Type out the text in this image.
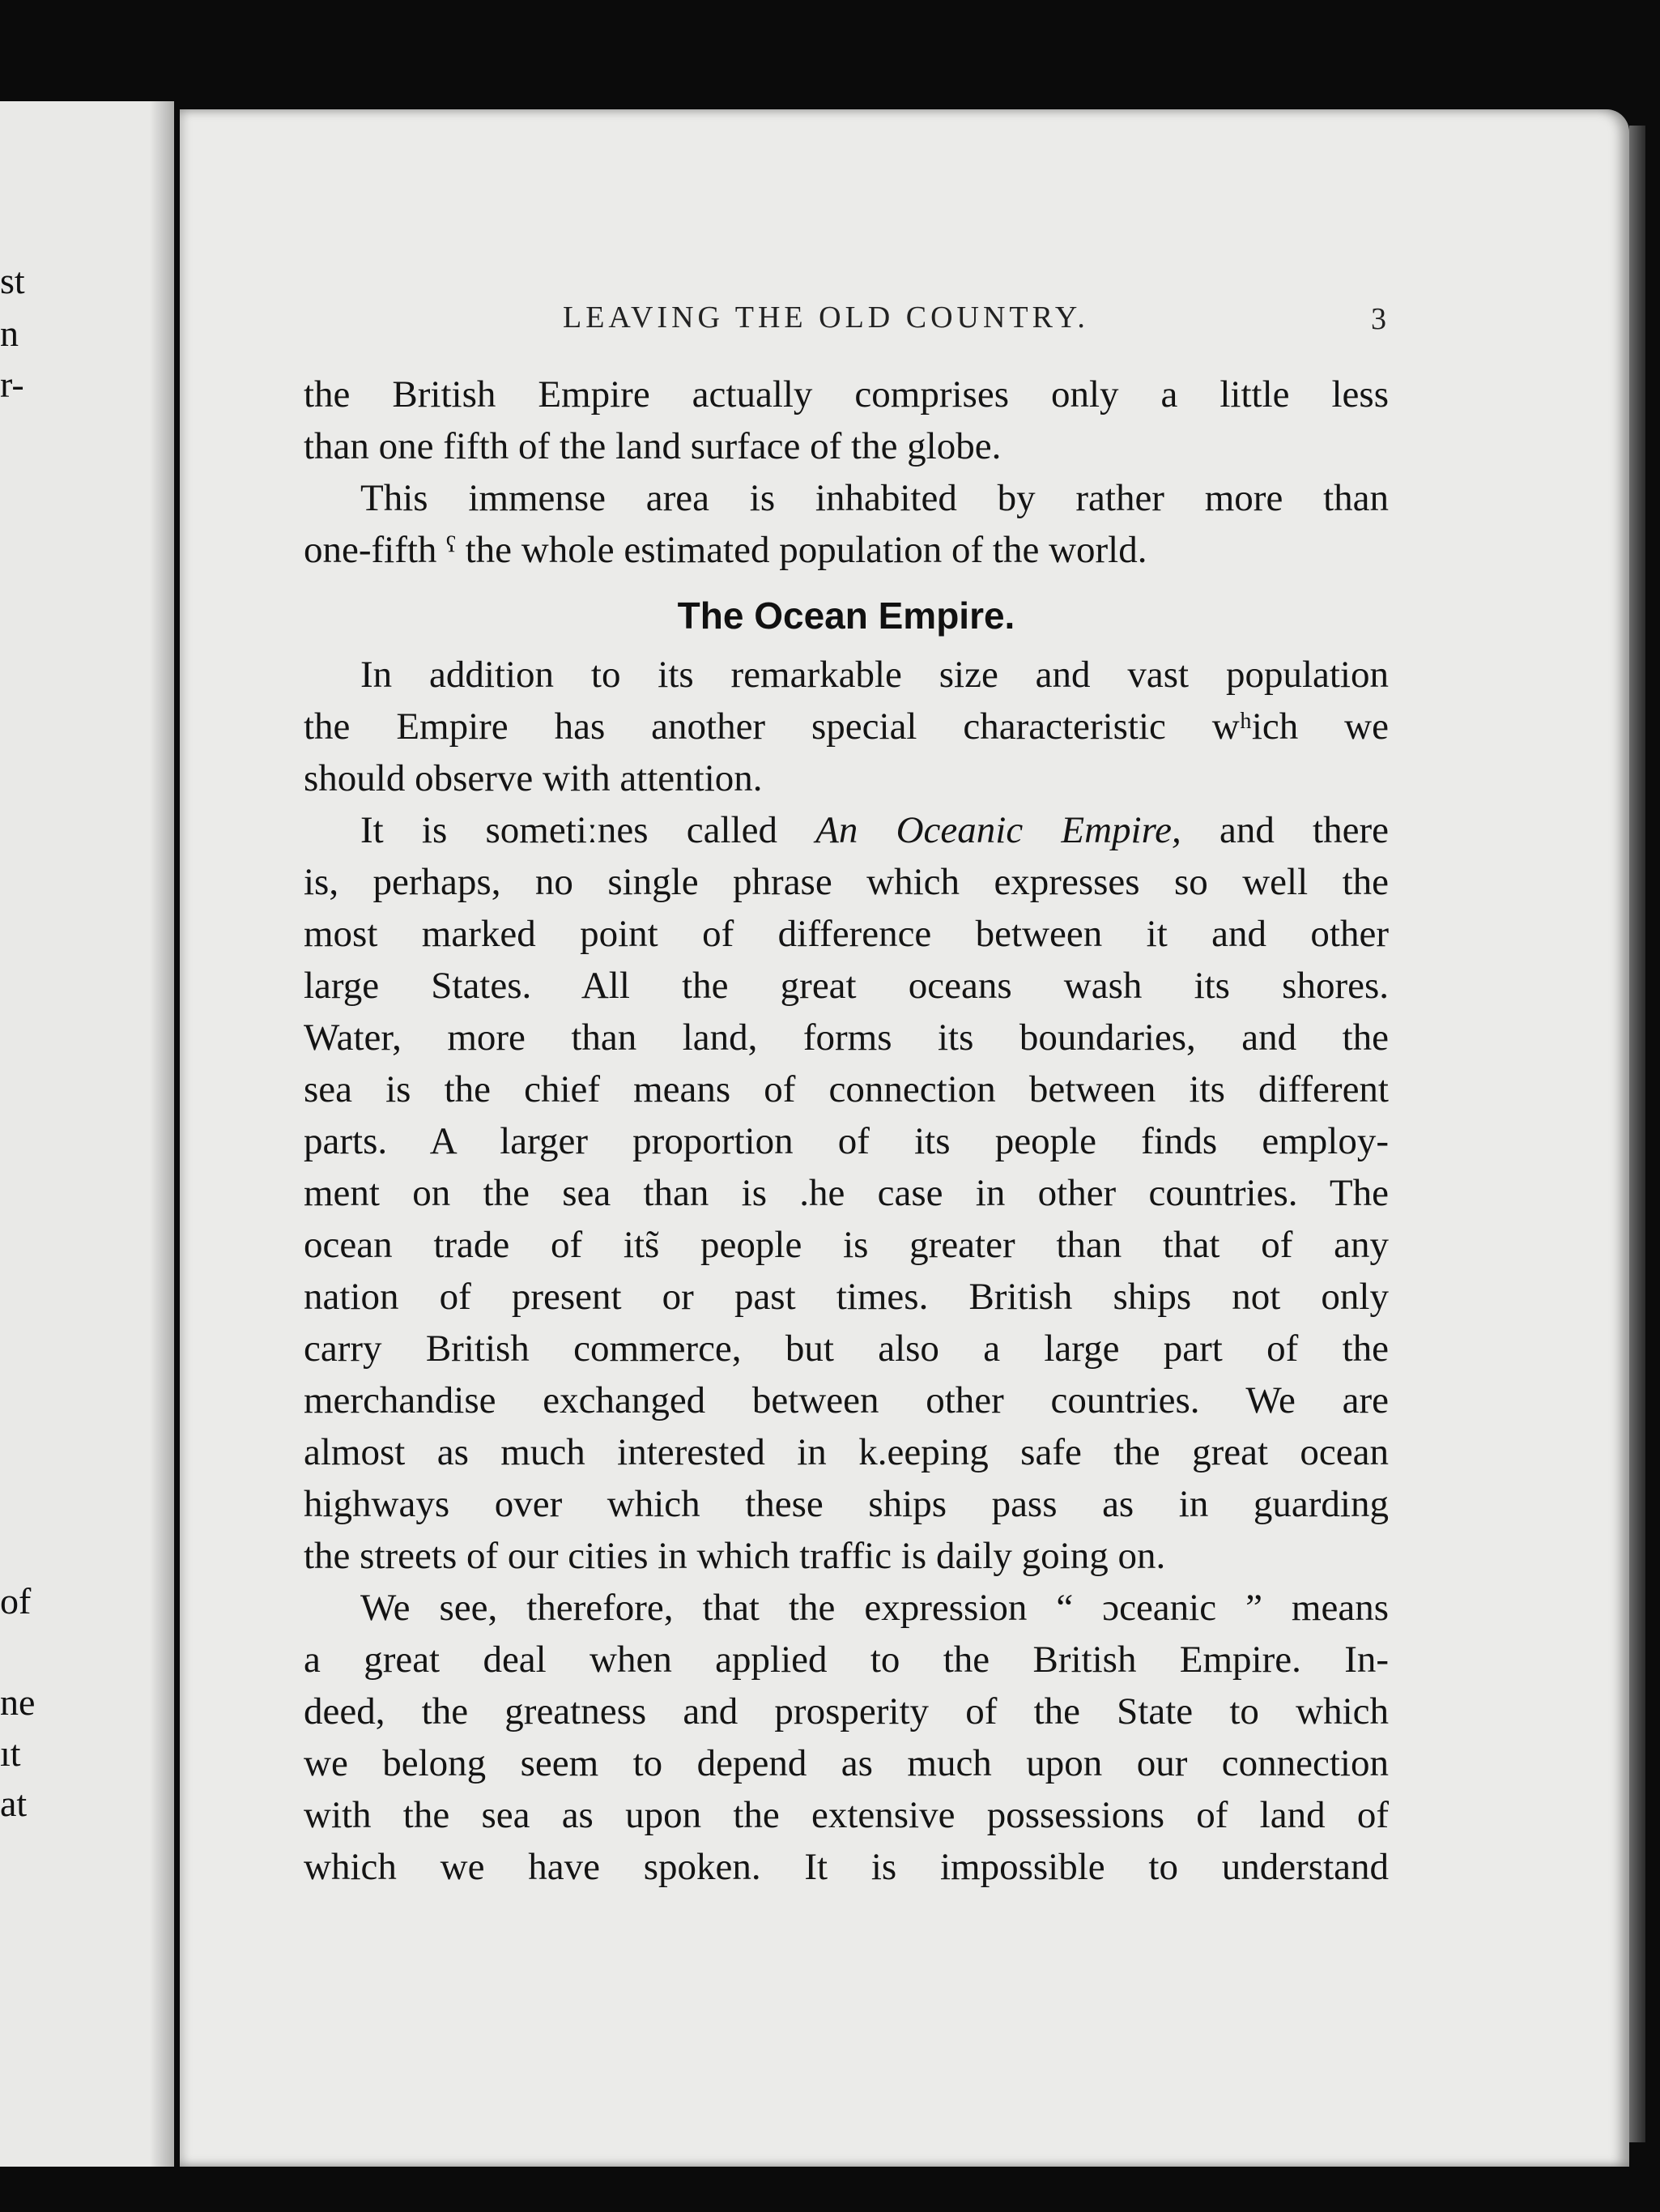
st
n
r-
of
ne
ıt
at
LEAVING THE OLD COUNTRY.	3
the British Empire actually comprises only a little less
than one fifth of the land surface of the globe.
This immense area is inhabited by rather more than
one-fifth ˁ the whole estimated population of the world.
The Ocean Empire.
In addition to its remarkable size and vast population
the Empire has another special characteristic wʰich we
should observe with attention.
It is sometiːnes called An Oceanic Empire, and there
is, perhaps, no single phrase which expresses so well the
most marked point of difference between it and other
large States. All the great oceans wash its shores.
Water, more than land, forms its boundaries, and the
sea is the chief means of connection between its different
parts. A larger proportion of its people finds employ-
ment on the sea than is .he case in other countries. The
ocean trade of its̃ people is greater than that of any
nation of present or past times. British ships not only
carry British commerce, but also a large part of the
merchandise exchanged between other countries. We are
almost as much interested in k.eeping safe the great ocean
highways over which these ships pass as in guarding
the streets of our cities in which traffic is daily going on.
We see, therefore, that the expression “ ɔceanic ” means
a great deal when applied to the British Empire. In-
deed, the greatness and prosperity of the State to which
we belong seem to depend as much upon our connection
with the sea as upon the extensive possessions of land of
which we have spoken. It is impossible to understand
